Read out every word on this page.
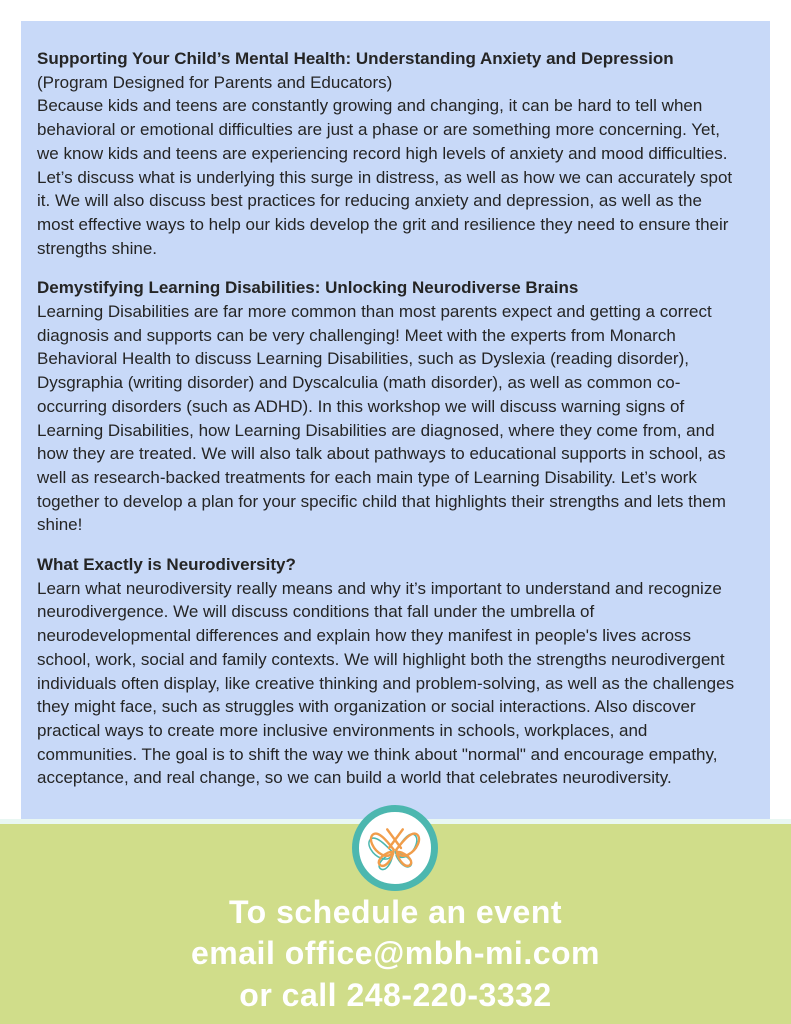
Supporting Your Child’s Mental Health: Understanding Anxiety and Depression

(Program Designed for Parents and Educators)

Because kids and teens are constantly growing and changing, it can be hard to tell when behavioral or emotional difficulties are just a phase or are something more concerning. Yet, we know kids and teens are experiencing record high levels of anxiety and mood difficulties. Let’s discuss what is underlying this surge in distress, as well as how we can accurately spot it. We will also discuss best practices for reducing anxiety and depression, as well as the most effective ways to help our kids develop the grit and resilience they need to ensure their strengths shine.

Demystifying Learning Disabilities: Unlocking Neurodiverse Brains

Learning Disabilities are far more common than most parents expect and getting a correct diagnosis and supports can be very challenging! Meet with the experts from Monarch Behavioral Health to discuss Learning Disabilities, such as Dyslexia (reading disorder), Dysgraphia (writing disorder) and Dyscalculia (math disorder), as well as common co-occurring disorders (such as ADHD). In this workshop we will discuss warning signs of Learning Disabilities, how Learning Disabilities are diagnosed, where they come from, and how they are treated. We will also talk about pathways to educational supports in school, as well as research-backed treatments for each main type of Learning Disability. Let’s work together to develop a plan for your specific child that highlights their strengths and lets them shine!

What Exactly is Neurodiversity?

Learn what neurodiversity really means and why it’s important to understand and recognize neurodivergence. We will discuss conditions that fall under the umbrella of neurodevelopmental differences and explain how they manifest in people's lives across school, work, social and family contexts. We will highlight both the strengths neurodivergent individuals often display, like creative thinking and problem-solving, as well as the challenges they might face, such as struggles with organization or social interactions. Also discover practical ways to create more inclusive environments in schools, workplaces, and communities. The goal is to shift the way we think about "normal" and encourage empathy, acceptance, and real change, so we can build a world that celebrates neurodiversity.

To schedule an event
email office@mbh-mi.com
or call 248-220-3332
